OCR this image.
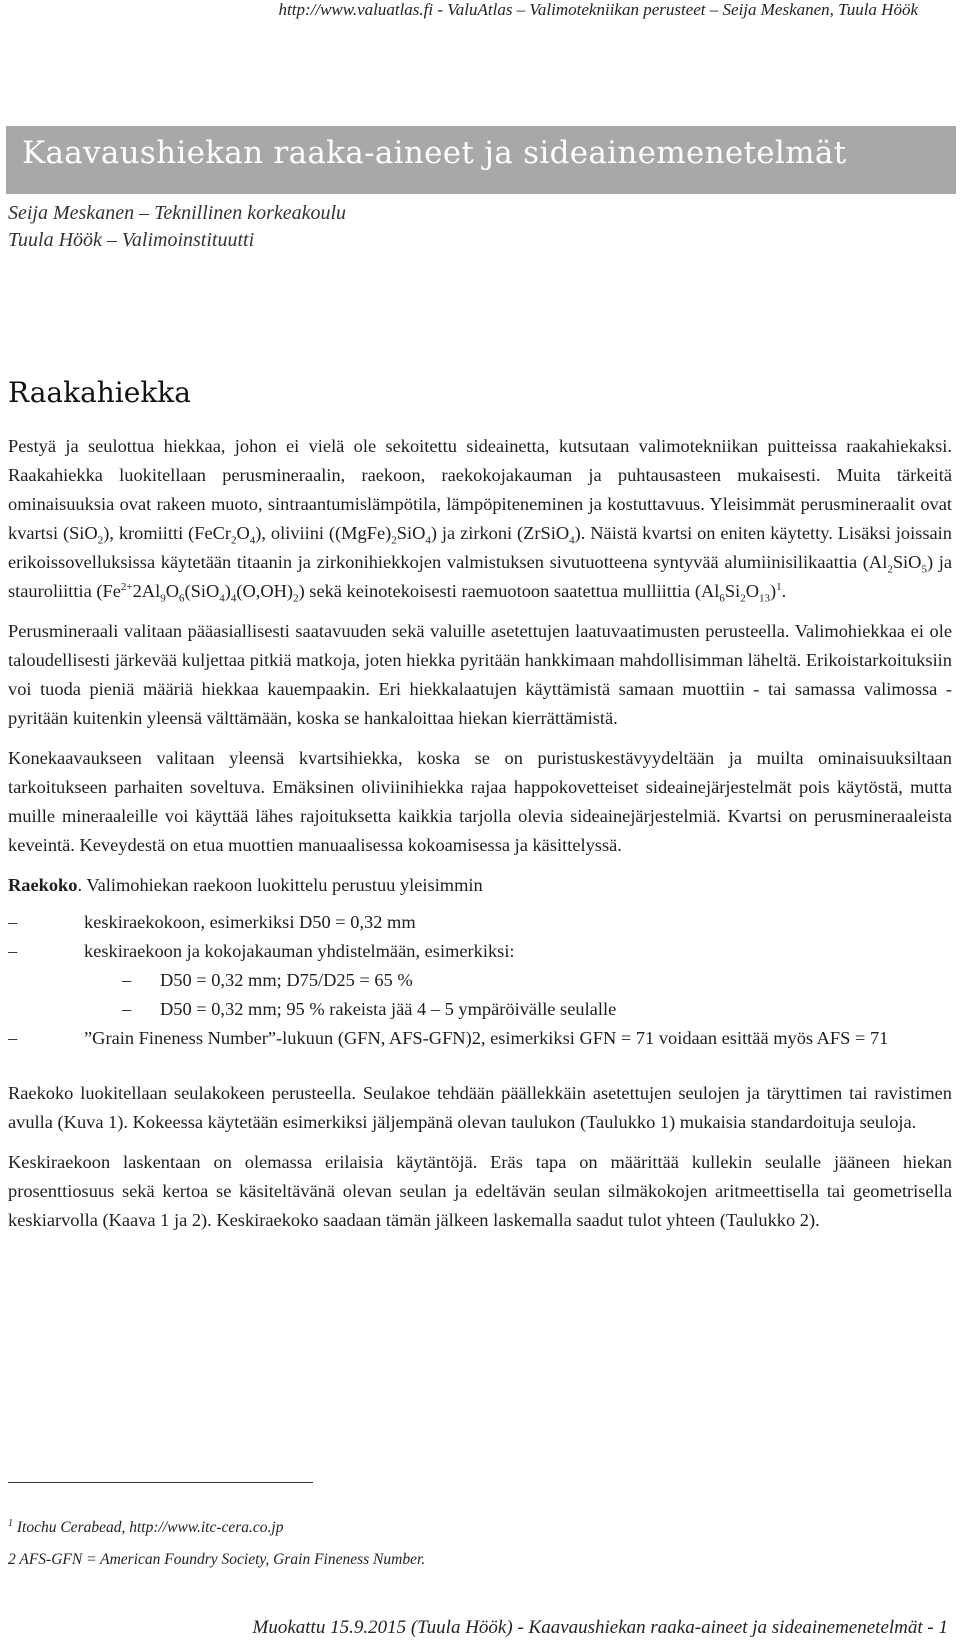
http://www.valuatlas.fi - ValuAtlas – Valimotekniikan perusteet – Seija Meskanen, Tuula Höök
Kaavaushiekan raaka-aineet ja sideainemenetelmät
Seija Meskanen – Teknillinen korkeakoulu
Tuula Höök – Valimoinstituutti
Raakahiekka

Pestyä ja seulottua hiekkaa, johon ei vielä ole sekoitettu sideainetta, kutsutaan valimotekniikan puitteissa raakahiekaksi. Raakahiekka luokitellaan perusmineraalin, raekoon, raekokojakauman ja puhtausasteen mukaisesti. Muita tärkeitä ominaisuuksia ovat rakeen muoto, sintraantumislämpötila, lämpöpiteneminen ja kostuttavuus. Yleisimmät perusmineraalit ovat kvartsi (SiO$_2$), kromiitti $(FeCr_2O_4)$, oliviini $((MgFe)_2SiO_4)$ ja zirkoni (ZrSiO$_4$). Näistä kvartsi on eniten käytetty. Lisäksi joissain erikoissovelluksissa käytetään titaanin ja zirkonihiekkojen valmistuksen sivutuotteena syntyvää alumiinisilikaattia $(Al_2SiO_5)$ ja stauroliittia $(Fe^{2+}2Al_9O_6(SiO_4)_4(O,OH)_2)$ sekä keinotekoisesti raemuotoon saatettua mulliittia $(Al_6Si_2O_{13})^1$.

Perusmineraali valitaan pääasiallisesti saatavuuden sekä valuille asetettujen laatuvaatimusten perusteella. Valimohiekkaa ei ole taloudellisesti järkevää kuljettaa pitkiä matkoja, joten hiekka pyritään hankkimaan mahdollisimman läheltä. Erikoistarkoituksiin voi tuoda pieniä määriä hiekkaa kauempaakin. Eri hiekkalaatujen käyttämistä samaan muottiin - tai samassa valimossa - pyritään kuitenkin yleensä välttämään, koska se hankaloittaa hiekan kierrättämistä.

Konekaavaukseen valitaan yleensä kvartsihiekka, koska se on puristuskestävyydeltään ja muilta ominaisuuksiltaan tarkoitukseen parhaiten soveltuva. Emäksinen oliviinihiekka rajaa happokovetteiset sideainejärjestelmät pois käytöstä, mutta muille mineraaleille voi käyttää lähes rajoituksetta kaikkia tarjolla olevia sideainejärjestelmiä. Kvartsi on perusmineraaleista keveintä. Keveydestä on etua muottien manuaalisessa kokoamisessa ja käsittelyssä.

Raekoko. Valimohiekan raekoon luokittelu perustuu yleisimmin

–	keskiraekokoon, esimerkiksi D50 = 0,32 mm
–	keskiraekoon ja kokojakauman yhdistelmään, esimerkiksi:
– D50 = 0,32 mm; D75/D25 = 65 %
– D50 = 0,32 mm; 95 % rakeista jää 4 – 5 ympäröivälle seulalle
–	”Grain Fineness Number”-lukuun (GFN, AFS-GFN)2, esimerkiksi GFN = 71 voidaan esittää myös AFS = 71

Raekoko luokitellaan seulakokeen perusteella. Seulakoe tehdään päällekkäin asetettujen seulojen ja täryttimen tai ravistimen avulla (Kuva 1). Kokeessa käytetään esimerkiksi jäljempänä olevan taulukon (Taulukko 1) mukaisia standardoituja seuloja.

Keskiraekoon laskentaan on olemassa erilaisia käytäntöjä. Eräs tapa on määrittää kullekin seulalle jääneen hiekan prosenttiosuus sekä kertoa se käsiteltävänä olevan seulan ja edeltävän seulan silmäkokojen aritmeettisella tai geometrisella keskiarvolla (Kaava 1 ja 2). Keskiraekoko saadaan tämän jälkeen laskemalla saadut tulot yhteen (Taulukko 2).

$^1$ Itochu Cerabead, http://www.itc-cera.co.jp
2 AFS-GFN = American Foundry Society, Grain Fineness Number.
Muokattu 15.9.2015 (Tuula Höök) - Kaavaushiekan raaka-aineet ja sideainemenetelmät - 1
